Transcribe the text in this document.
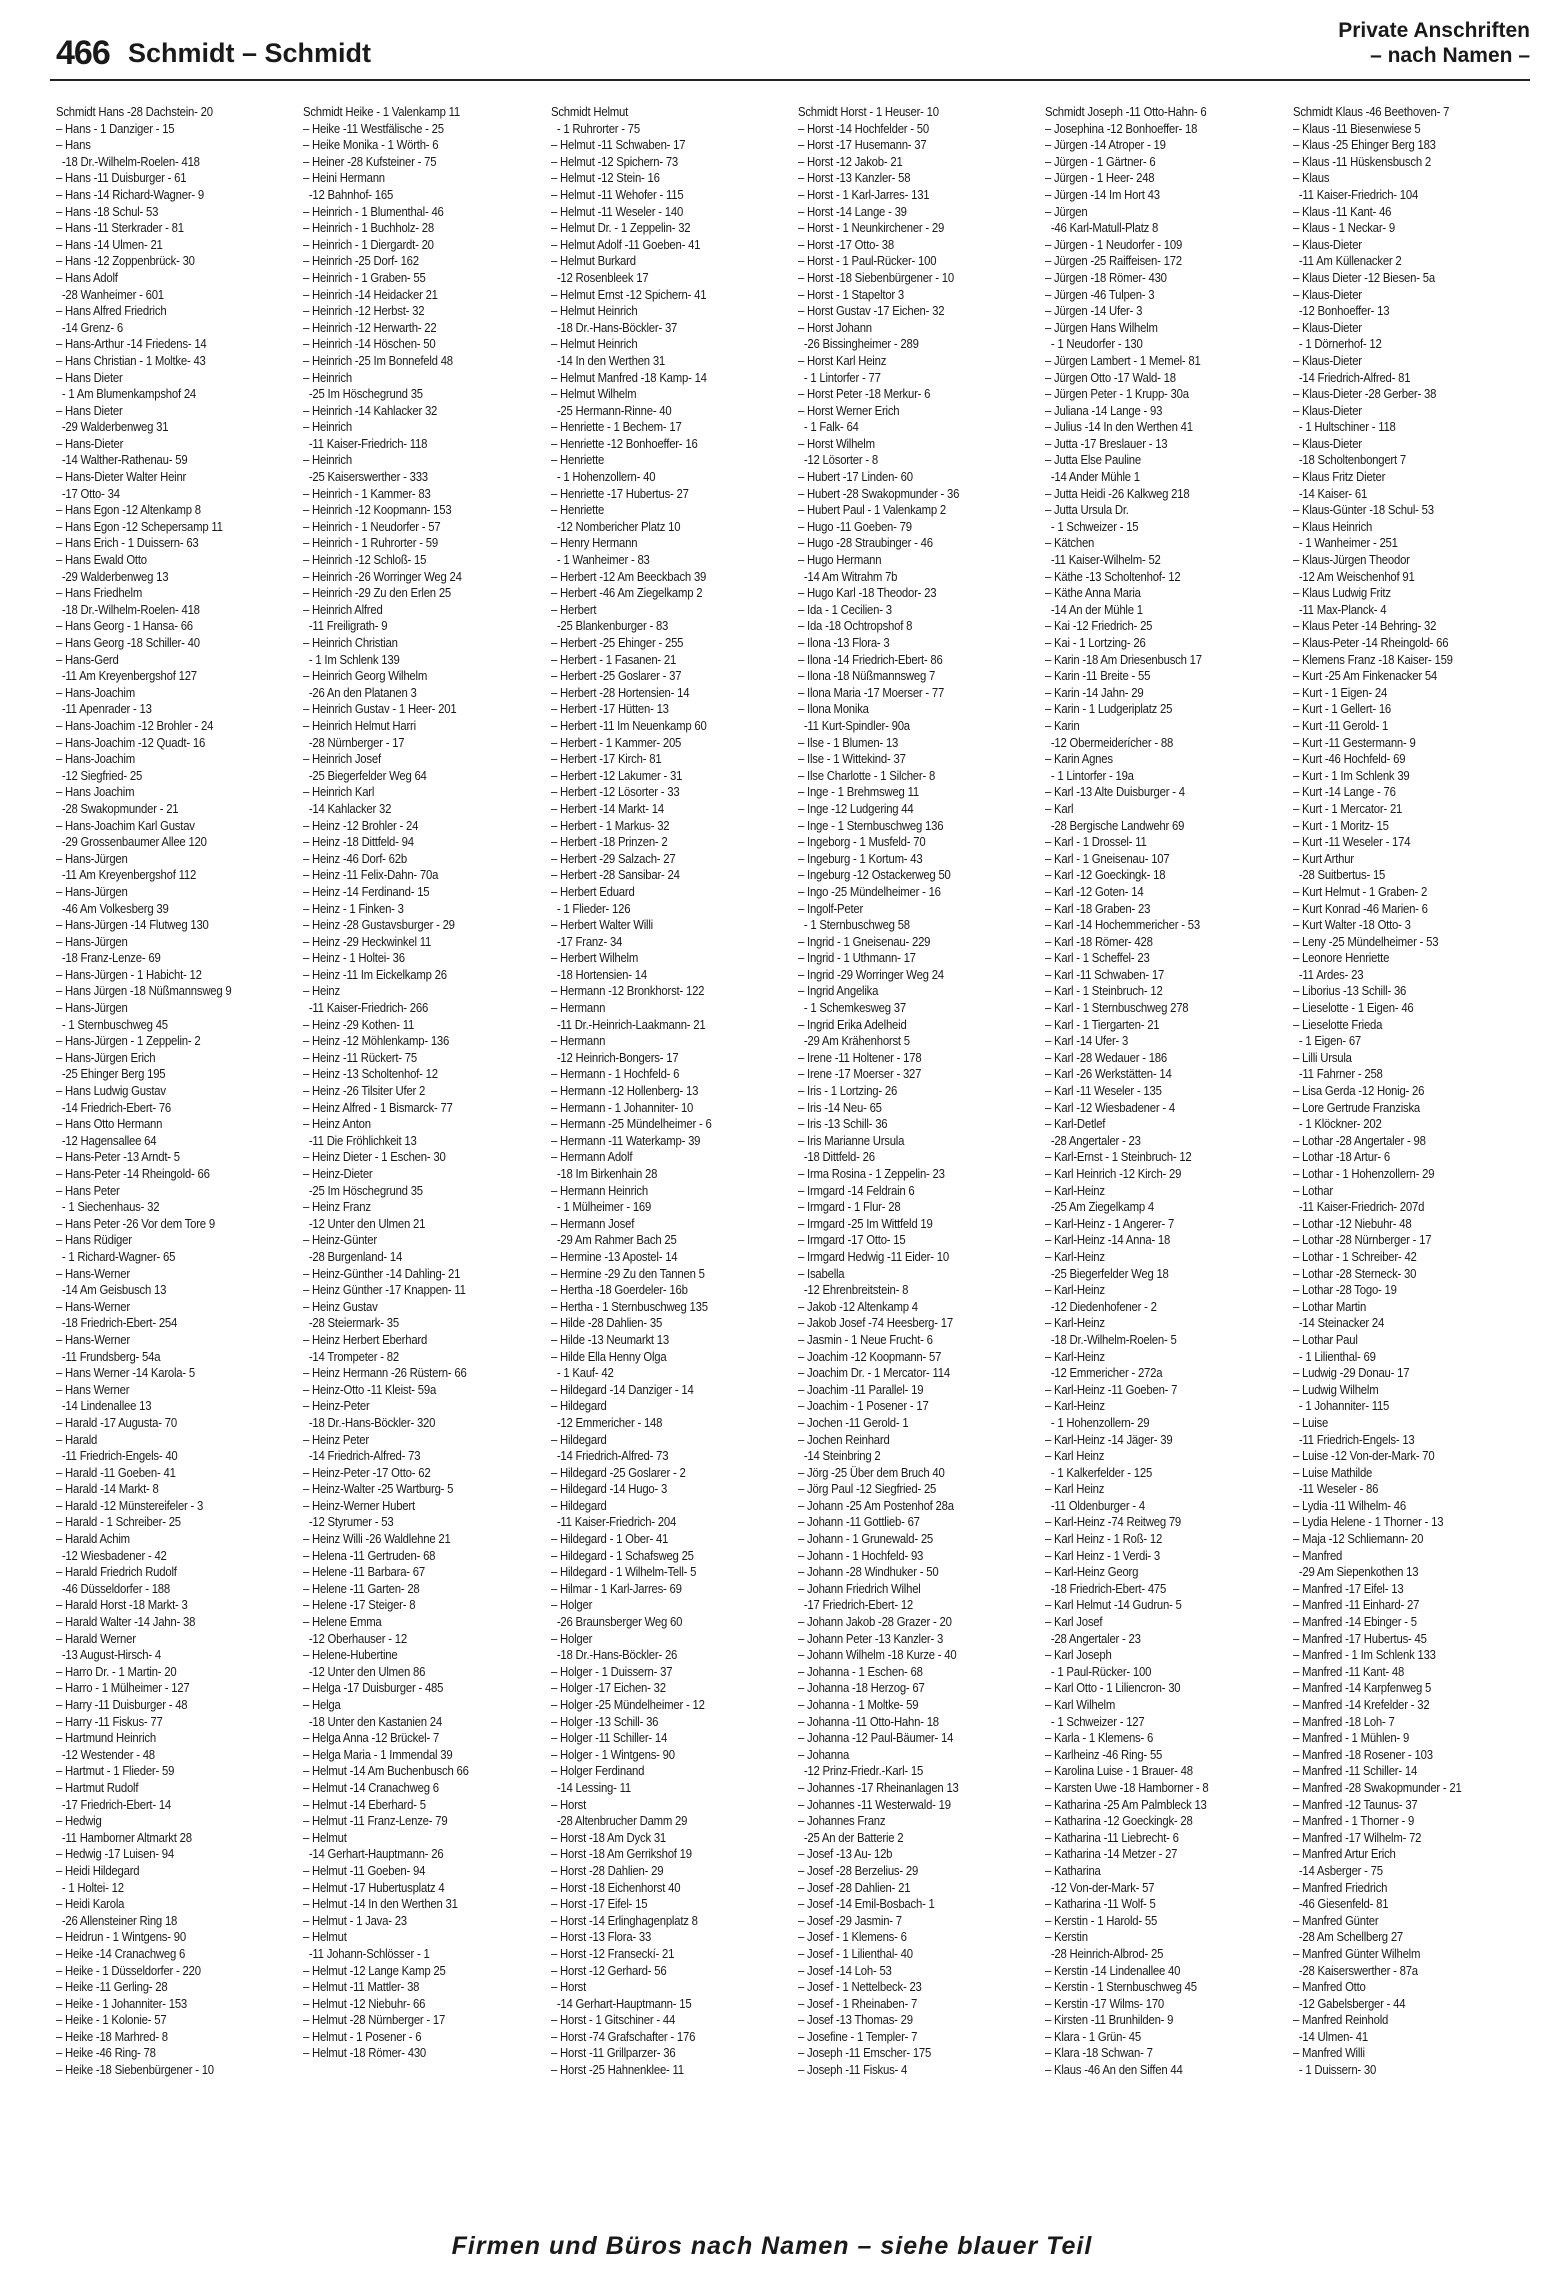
466 Schmidt – Schmidt
Private Anschriften
– nach Namen –
Schmidt Hans -28 Dachstein- 20
– Hans - 1 Danziger - 15
– Hans
-18 Dr.-Wilhelm-Roelen- 418
– Hans -11 Duisburger - 61
– Hans -14 Richard-Wagner- 9
– Hans -18 Schul- 53
– Hans -11 Sterkrader - 81
– Hans -14 Ulmen- 21
– Hans -12 Zoppenbrück- 30
– Hans Adolf
-28 Wanheimer - 601
– Hans Alfred Friedrich
-14 Grenz- 6
– Hans-Arthur -14 Friedens- 14
– Hans Christian - 1 Moltke- 43
– Hans Dieter
- 1 Am Blumenkampshof 24
– Hans Dieter
-29 Walderbenweg 31
– Hans-Dieter
-14 Walther-Rathenau- 59
– Hans-Dieter Walter Heinr
-17 Otto- 34
– Hans Egon -12 Altenkamp 8
– Hans Egon -12 Schepersamp 11
– Hans Erich - 1 Duissern- 63
– Hans Ewald Otto
-29 Walderbenweg 13
– Hans Friedhelm
-18 Dr.-Wilhelm-Roelen- 418
– Hans Georg - 1 Hansa- 66
– Hans Georg -18 Schiller- 40
– Hans-Gerd
-11 Am Kreyenbergshof 127
– Hans-Joachim
-11 Apenrader - 13
– Hans-Joachim -12 Brohler - 24
– Hans-Joachim -12 Quadt- 16
– Hans-Joachim
-12 Siegfried- 25
– Hans Joachim
-28 Swakopmunder - 21
– Hans-Joachim Karl Gustav
-29 Grossenbaumer Allee 120
– Hans-Jürgen
-11 Am Kreyenbergshof 112
– Hans-Jürgen
-46 Am Volkesberg 39
– Hans-Jürgen -14 Flutweg 130
– Hans-Jürgen
-18 Franz-Lenze- 69
– Hans-Jürgen - 1 Habicht- 12
– Hans Jürgen -18 Nüßmannsweg 9
– Hans-Jürgen
- 1 Sternbuschweg 45
– Hans-Jürgen - 1 Zeppelin- 2
– Hans-Jürgen Erich
-25 Ehinger Berg 195
– Hans Ludwig Gustav
-14 Friedrich-Ebert- 76
– Hans Otto Hermann
-12 Hagensallee 64
– Hans-Peter -13 Arndt- 5
– Hans-Peter -14 Rheingold- 66
– Hans Peter
- 1 Siechenhaus- 32
– Hans Peter -26 Vor dem Tore 9
– Hans Rüdiger
- 1 Richard-Wagner- 65
– Hans-Werner
-14 Am Geisbusch 13
– Hans-Werner
-18 Friedrich-Ebert- 254
– Hans-Werner
-11 Frundsberg- 54a
– Hans Werner -14 Karola- 5
– Hans Werner
-14 Lindenallee 13
– Harald -17 Augusta- 70
– Harald
-11 Friedrich-Engels- 40
– Harald -11 Goeben- 41
– Harald -14 Markt- 8
– Harald -12 Münstereifeler - 3
– Harald - 1 Schreiber- 25
– Harald Achim
-12 Wiesbadener - 42
– Harald Friedrich Rudolf
-46 Düsseldorfer - 188
– Harald Horst -18 Markt- 3
– Harald Walter -14 Jahn- 38
– Harald Werner
-13 August-Hirsch- 4
– Harro Dr. - 1 Martin- 20
– Harro - 1 Mülheimer - 127
– Harry -11 Duisburger - 48
– Harry -11 Fiskus- 77
– Hartmund Heinrich
-12 Westender - 48
– Hartmut - 1 Flieder- 59
– Hartmut Rudolf
-17 Friedrich-Ebert- 14
– Hedwig
-11 Hamborner Altmarkt 28
– Hedwig -17 Luisen- 94
– Heidi Hildegard
- 1 Holtei- 12
– Heidi Karola
-26 Allensteiner Ring 18
– Heidrun - 1 Wintgens- 90
– Heike -14 Cranachweg 6
– Heike - 1 Düsseldorfer - 220
– Heike -11 Gerling- 28
– Heike - 1 Johanniter- 153
– Heike - 1 Kolonie- 57
– Heike -18 Marhred- 8
– Heike -46 Ring- 78
– Heike -18 Siebenbürgener - 10
Schmidt Heike - 1 Valenkamp 11
– Heike -11 Westfälische - 25
– Heike Monika - 1 Wörth- 6
– Heiner -28 Kufsteiner - 75
– Heini Hermann
-12 Bahnhof- 165
– Heinrich - 1 Blumenthal- 46
– Heinrich - 1 Buchholz- 28
– Heinrich - 1 Diergardt- 20
– Heinrich -25 Dorf- 162
– Heinrich - 1 Graben- 55
– Heinrich -14 Heidacker 21
– Heinrich -12 Herbst- 32
– Heinrich -12 Herwarth- 22
– Heinrich -14 Höschen- 50
– Heinrich -25 Im Bonnefeld 48
– Heinrich
-25 Im Höschegrund 35
– Heinrich -14 Kahlacker 32
– Heinrich
-11 Kaiser-Friedrich- 118
– Heinrich
-25 Kaiserswerther - 333
– Heinrich - 1 Kammer- 83
– Heinrich -12 Koopmann- 153
– Heinrich - 1 Neudorfer - 57
– Heinrich - 1 Ruhrorter - 59
– Heinrich -12 Schloß- 15
– Heinrich -26 Worringer Weg 24
– Heinrich -29 Zu den Erlen 25
– Heinrich Alfred
-11 Freiligrath- 9
– Heinrich Christian
- 1 Im Schlenk 139
– Heinrich Georg Wilhelm
-26 An den Platanen 3
– Heinrich Gustav - 1 Heer- 201
– Heinrich Helmut Harri
-28 Nürnberger - 17
– Heinrich Josef
-25 Biegerfelder Weg 64
– Heinrich Karl
-14 Kahlacker 32
– Heinz -12 Brohler - 24
– Heinz -18 Dittfeld- 94
– Heinz -46 Dorf- 62b
– Heinz -11 Felix-Dahn- 70a
– Heinz -14 Ferdinand- 15
– Heinz - 1 Finken- 3
– Heinz -28 Gustavsburger - 29
– Heinz -29 Heckwinkel 11
– Heinz - 1 Holtei- 36
– Heinz -11 Im Eickelkamp 26
– Heinz
-11 Kaiser-Friedrich- 266
– Heinz -29 Kothen- 11
– Heinz -12 Möhlenkamp- 136
– Heinz -11 Rückert- 75
– Heinz -13 Scholtenhof- 12
– Heinz -26 Tilsiter Ufer 2
– Heinz Alfred - 1 Bismarck- 77
– Heinz Anton
-11 Die Fröhlichkeit 13
– Heinz Dieter - 1 Eschen- 30
– Heinz-Dieter
-25 Im Höschegrund 35
– Heinz Franz
-12 Unter den Ulmen 21
– Heinz-Günter
-28 Burgenland- 14
– Heinz-Günther -14 Dahling- 21
– Heinz Günther -17 Knappen- 11
– Heinz Gustav
-28 Steiermark- 35
– Heinz Herbert Eberhard
-14 Trompeter - 82
– Heinz Hermann -26 Rüstern- 66
– Heinz-Otto -11 Kleist- 59a
– Heinz-Peter
-18 Dr.-Hans-Böckler- 320
– Heinz Peter
-14 Friedrich-Alfred- 73
– Heinz-Peter -17 Otto- 62
– Heinz-Walter -25 Wartburg- 5
– Heinz-Werner Hubert
-12 Styrumer - 53
– Heinz Willi -26 Waldlehne 21
– Helena -11 Gertruden- 68
– Helene -11 Barbara- 67
– Helene -11 Garten- 28
– Helene -17 Steiger- 8
– Helene Emma
-12 Oberhauser - 12
– Helene-Hubertine
-12 Unter den Ulmen 86
– Helga -17 Duisburger - 485
– Helga
-18 Unter den Kastanien 24
– Helga Anna -12 Brückel- 7
– Helga Maria - 1 Immendal 39
– Helmut -14 Am Buchenbusch 66
– Helmut -14 Cranachweg 6
– Helmut -14 Eberhard- 5
– Helmut -11 Franz-Lenze- 79
– Helmut
-14 Gerhart-Hauptmann- 26
– Helmut -11 Goeben- 94
– Helmut -17 Hubertusplatz 4
– Helmut -14 In den Werthen 31
– Helmut - 1 Java- 23
– Helmut
-11 Johann-Schlösser - 1
– Helmut -12 Lange Kamp 25
– Helmut -11 Mattler- 38
– Helmut -12 Niebuhr- 66
– Helmut -28 Nürnberger - 17
– Helmut - 1 Posener - 6
– Helmut -18 Römer- 430
Schmidt Helmut
- 1 Ruhrorter - 75
– Helmut -11 Schwaben- 17
– Helmut -12 Spichern- 73
– Helmut -12 Stein- 16
– Helmut -11 Wehofer - 115
– Helmut -11 Weseler - 140
– Helmut Dr. - 1 Zeppelin- 32
– Helmut Adolf -11 Goeben- 41
– Helmut Burkard
-12 Rosenbleek 17
– Helmut Ernst -12 Spichern- 41
– Helmut Heinrich
-18 Dr.-Hans-Böckler- 37
– Helmut Heinrich
-14 In den Werthen 31
– Helmut Manfred -18 Kamp- 14
– Helmut Wilhelm
-25 Hermann-Rinne- 40
– Henriette - 1 Bechem- 17
– Henriette -12 Bonhoeffer- 16
– Henriette
- 1 Hohenzollern- 40
– Henriette -17 Hubertus- 27
– Henriette
-12 Nombericher Platz 10
– Henry Hermann
- 1 Wanheimer - 83
– Herbert -12 Am Beeckbach 39
– Herbert -46 Am Ziegelkamp 2
– Herbert
-25 Blankenburger - 83
– Herbert -25 Ehinger - 255
– Herbert - 1 Fasanen- 21
– Herbert -25 Goslarer - 37
– Herbert -28 Hortensien- 14
– Herbert -17 Hütten- 13
– Herbert -11 Im Neuenkamp 60
– Herbert - 1 Kammer- 205
– Herbert -17 Kirch- 81
– Herbert -12 Lakumer - 31
– Herbert -12 Lösorter - 33
– Herbert -14 Markt- 14
– Herbert - 1 Markus- 32
– Herbert -18 Prinzen- 2
– Herbert -29 Salzach- 27
– Herbert -28 Sansibar- 24
– Herbert Eduard
- 1 Flieder- 126
– Herbert Walter Willi
-17 Franz- 34
– Herbert Wilhelm
-18 Hortensien- 14
– Hermann -12 Bronkhorst- 122
– Hermann
-11 Dr.-Heinrich-Laakmann- 21
– Hermann
-12 Heinrich-Bongers- 17
– Hermann - 1 Hochfeld- 6
– Hermann -12 Hollenberg- 13
– Hermann - 1 Johanniter- 10
– Hermann -25 Mündelheimer - 6
– Hermann -11 Waterkamp- 39
– Hermann Adolf
-18 Im Birkenhain 28
– Hermann Heinrich
- 1 Mülheimer - 169
– Hermann Josef
-29 Am Rahmer Bach 25
– Hermine -13 Apostel- 14
– Hermine -29 Zu den Tannen 5
– Hertha -18 Goerdeler- 16b
– Hertha - 1 Sternbuschweg 135
– Hilde -28 Dahlien- 35
– Hilde -13 Neumarkt 13
– Hilde Ella Henny Olga
- 1 Kauf- 42
– Hildegard -14 Danziger - 14
– Hildegard
-12 Emmericher - 148
– Hildegard
-14 Friedrich-Alfred- 73
– Hildegard -25 Goslarer - 2
– Hildegard -14 Hugo- 3
– Hildegard
-11 Kaiser-Friedrich- 204
– Hildegard - 1 Ober- 41
– Hildegard - 1 Schafsweg 25
– Hildegard - 1 Wilhelm-Tell- 5
– Hilmar - 1 Karl-Jarres- 69
– Holger
-26 Braunsberger Weg 60
– Holger
-18 Dr.-Hans-Böckler- 26
– Holger - 1 Duissern- 37
– Holger -17 Eichen- 32
– Holger -25 Mündelheimer - 12
– Holger -13 Schill- 36
– Holger -11 Schiller- 14
– Holger - 1 Wintgens- 90
– Holger Ferdinand
-14 Lessing- 11
– Horst
-28 Altenbrucher Damm 29
– Horst -18 Am Dyck 31
– Horst -18 Am Gerrikshof 19
– Horst -28 Dahlien- 29
– Horst -18 Eichenhorst 40
– Horst -17 Eifel- 15
– Horst -14 Erlinghagenplatz 8
– Horst -13 Flora- 33
– Horst -12 Franseckí- 21
– Horst -12 Gerhard- 56
– Horst
-14 Gerhart-Hauptmann- 15
– Horst - 1 Gitschiner - 44
– Horst -74 Grafschafter - 176
– Horst -11 Grillparzer- 36
– Horst -25 Hahnenklee- 11
Schmidt Horst - 1 Heuser- 10
– Horst -14 Hochfelder - 50
– Horst -17 Husemann- 37
– Horst -12 Jakob- 21
– Horst -13 Kanzler- 58
– Horst - 1 Karl-Jarres- 131
– Horst -14 Lange - 39
– Horst - 1 Neunkirchener - 29
– Horst -17 Otto- 38
– Horst - 1 Paul-Rücker- 100
– Horst -18 Siebenbürgener - 10
– Horst - 1 Stapeltor 3
– Horst Gustav -17 Eichen- 32
– Horst Johann
-26 Bissingheimer - 289
– Horst Karl Heinz
- 1 Lintorfer - 77
– Horst Peter -18 Merkur- 6
– Horst Werner Erich
- 1 Falk- 64
– Horst Wilhelm
-12 Lösorter - 8
– Hubert -17 Linden- 60
– Hubert -28 Swakopmunder - 36
– Hubert Paul - 1 Valenkamp 2
– Hugo -11 Goeben- 79
– Hugo -28 Straubinger - 46
– Hugo Hermann
-14 Am Witrahm 7b
– Hugo Karl -18 Theodor- 23
– Ida - 1 Cecilien- 3
– Ida -18 Ochtropshof 8
– Ilona -13 Flora- 3
– Ilona -14 Friedrich-Ebert- 86
– Ilona -18 Nüßmannsweg 7
– Ilona Maria -17 Moerser - 77
– Ilona Monika
-11 Kurt-Spindler- 90a
– Ilse - 1 Blumen- 13
– Ilse - 1 Wittekind- 37
– Ilse Charlotte - 1 Silcher- 8
– Inge - 1 Brehmsweg 11
– Inge -12 Ludgering 44
– Inge - 1 Sternbuschweg 136
– Ingeborg - 1 Musfeld- 70
– Ingeburg - 1 Kortum- 43
– Ingeburg -12 Ostackerweg 50
– Ingo -25 Mündelheimer - 16
– Ingolf-Peter
- 1 Sternbuschweg 58
– Ingrid - 1 Gneisenau- 229
– Ingrid - 1 Uthmann- 17
– Ingrid -29 Worringer Weg 24
– Ingrid Angelika
- 1 Schemkesweg 37
– Ingrid Erika Adelheid
-29 Am Krähenhorst 5
– Irene -11 Holtener - 178
– Irene -17 Moerser - 327
– Iris - 1 Lortzing- 26
– Iris -14 Neu- 65
– Iris -13 Schill- 36
– Iris Marianne Ursula
-18 Dittfeld- 26
– Irma Rosina - 1 Zeppelin- 23
– Irmgard -14 Feldrain 6
– Irmgard - 1 Flur- 28
– Irmgard -25 Im Wittfeld 19
– Irmgard -17 Otto- 15
– Irmgard Hedwig -11 Eider- 10
– Isabella
-12 Ehrenbreitstein- 8
– Jakob -12 Altenkamp 4
– Jakob Josef -74 Heesberg- 17
– Jasmin - 1 Neue Frucht- 6
– Joachim -12 Koopmann- 57
– Joachim Dr. - 1 Mercator- 114
– Joachim -11 Parallel- 19
– Joachim - 1 Posener - 17
– Jochen -11 Gerold- 1
– Jochen Reinhard
-14 Steinbring 2
– Jörg -25 Über dem Bruch 40
– Jörg Paul -12 Siegfried- 25
– Johann -25 Am Postenhof 28a
– Johann -11 Gottlieb- 67
– Johann - 1 Grunewald- 25
– Johann - 1 Hochfeld- 93
– Johann -28 Windhuker - 50
– Johann Friedrich Wilhel
-17 Friedrich-Ebert- 12
– Johann Jakob -28 Grazer - 20
– Johann Peter -13 Kanzler- 3
– Johann Wilhelm -18 Kurze - 40
– Johanna - 1 Eschen- 68
– Johanna -18 Herzog- 67
– Johanna - 1 Moltke- 59
– Johanna -11 Otto-Hahn- 18
– Johanna -12 Paul-Bäumer- 14
– Johanna
-12 Prinz-Friedr.-Karl- 15
– Johannes -17 Rheinanlagen 13
– Johannes -11 Westerwald- 19
– Johannes Franz
-25 An der Batterie 2
– Josef -13 Au- 12b
– Josef -28 Berzelius- 29
– Josef -28 Dahlien- 21
– Josef -14 Emil-Bosbach- 1
– Josef -29 Jasmin- 7
– Josef - 1 Klemens- 6
– Josef - 1 Lilienthal- 40
– Josef -14 Loh- 53
– Josef - 1 Nettelbeck- 23
– Josef - 1 Rheinaben- 7
– Josef -13 Thomas- 29
– Josefine - 1 Templer- 7
– Joseph -11 Emscher- 175
– Joseph -11 Fiskus- 4
Schmidt Joseph -11 Otto-Hahn- 6
– Josephina -12 Bonhoeffer- 18
– Jürgen -14 Atroper - 19
– Jürgen - 1 Gärtner- 6
– Jürgen - 1 Heer- 248
– Jürgen -14 Im Hort 43
– Jürgen
-46 Karl-Matull-Platz 8
– Jürgen - 1 Neudorfer - 109
– Jürgen -25 Raiffeisen- 172
– Jürgen -18 Römer- 430
– Jürgen -46 Tulpen- 3
– Jürgen -14 Ufer- 3
– Jürgen Hans Wilhelm
- 1 Neudorfer - 130
– Jürgen Lambert - 1 Memel- 81
– Jürgen Otto -17 Wald- 18
– Jürgen Peter - 1 Krupp- 30a
– Juliana -14 Lange - 93
– Julius -14 In den Werthen 41
– Jutta -17 Breslauer - 13
– Jutta Else Pauline
-14 Ander Mühle 1
– Jutta Heidi -26 Kalkweg 218
– Jutta Ursula Dr.
- 1 Schweizer - 15
– Kätchen
-11 Kaiser-Wilhelm- 52
– Käthe -13 Scholtenhof- 12
– Käthe Anna Maria
-14 An der Mühle 1
– Kai -12 Friedrich- 25
– Kai - 1 Lortzing- 26
– Karin -18 Am Driesenbusch 17
– Karin -11 Breite - 55
– Karin -14 Jahn- 29
– Karin - 1 Ludgeriplatz 25
– Karin
-12 Obermeiderícher - 88
– Karin Agnes
- 1 Lintorfer - 19a
– Karl -13 Alte Duisburger - 4
– Karl
-28 Bergische Landwehr 69
– Karl - 1 Drossel- 11
– Karl - 1 Gneisenau- 107
– Karl -12 Goeckingk- 18
– Karl -12 Goten- 14
– Karl -18 Graben- 23
– Karl -14 Hochemmericher - 53
– Karl -18 Römer- 428
– Karl - 1 Scheffel- 23
– Karl -11 Schwaben- 17
– Karl - 1 Steinbruch- 12
– Karl - 1 Sternbuschweg 278
– Karl - 1 Tiergarten- 21
– Karl -14 Ufer- 3
– Karl -28 Wedauer - 186
– Karl -26 Werkstätten- 14
– Karl -11 Weseler - 135
– Karl -12 Wiesbadener - 4
– Karl-Detlef
-28 Angertaler - 23
– Karl-Ernst - 1 Steinbruch- 12
– Karl Heinrich -12 Kirch- 29
– Karl-Heinz
-25 Am Ziegelkamp 4
– Karl-Heinz - 1 Angerer- 7
– Karl-Heinz -14 Anna- 18
– Karl-Heinz
-25 Biegerfelder Weg 18
– Karl-Heinz
-12 Diedenhofener - 2
– Karl-Heinz
-18 Dr.-Wilhelm-Roelen- 5
– Karl-Heinz
-12 Emmericher - 272a
– Karl-Heinz -11 Goeben- 7
– Karl-Heinz
- 1 Hohenzollern- 29
– Karl-Heinz -14 Jäger- 39
– Karl Heinz
- 1 Kalkerfelder - 125
– Karl Heinz
-11 Oldenburger - 4
– Karl-Heinz -74 Reitweg 79
– Karl Heinz - 1 Roß- 12
– Karl Heinz - 1 Verdi- 3
– Karl-Heinz Georg
-18 Friedrich-Ebert- 475
– Karl Helmut -14 Gudrun- 5
– Karl Josef
-28 Angertaler - 23
– Karl Joseph
- 1 Paul-Rücker- 100
– Karl Otto - 1 Liliencron- 30
– Karl Wilhelm
- 1 Schweizer - 127
– Karla - 1 Klemens- 6
– Karlheinz -46 Ring- 55
– Karolina Luise - 1 Brauer- 48
– Karsten Uwe -18 Hamborner - 8
– Katharina -25 Am Palmbleck 13
– Katharina -12 Goeckingk- 28
– Katharina -11 Liebrecht- 6
– Katharina -14 Metzer - 27
– Katharina
-12 Von-der-Mark- 57
– Katharina -11 Wolf- 5
– Kerstin - 1 Harold- 55
– Kerstin
-28 Heinrich-Albrod- 25
– Kerstin -14 Lindenallee 40
– Kerstin - 1 Sternbuschweg 45
– Kerstin -17 Wilms- 170
– Kirsten -11 Brunhilden- 9
– Klara - 1 Grün- 45
– Klara -18 Schwan- 7
– Klaus -46 An den Siffen 44
Schmidt Klaus -46 Beethoven- 7
– Klaus -11 Biesenwiese 5
– Klaus -25 Ehinger Berg 183
– Klaus -11 Hüskensbusch 2
– Klaus
-11 Kaiser-Friedrich- 104
– Klaus -11 Kant- 46
– Klaus - 1 Neckar- 9
– Klaus-Dieter
-11 Am Küllenacker 2
– Klaus Dieter -12 Biesen- 5a
– Klaus-Dieter
-12 Bonhoeffer- 13
– Klaus-Dieter
- 1 Dörnerhof- 12
– Klaus-Dieter
-14 Friedrich-Alfred- 81
– Klaus-Dieter -28 Gerber- 38
– Klaus-Dieter
- 1 Hultschiner - 118
– Klaus-Dieter
-18 Scholtenbongert 7
– Klaus Fritz Dieter
-14 Kaiser- 61
– Klaus-Günter -18 Schul- 53
– Klaus Heinrich
- 1 Wanheimer - 251
– Klaus-Jürgen Theodor
-12 Am Weischenhof 91
– Klaus Ludwig Fritz
-11 Max-Planck- 4
– Klaus Peter -14 Behring- 32
– Klaus-Peter -14 Rheingold- 66
– Klemens Franz -18 Kaiser- 159
– Kurt -25 Am Finkenacker 54
– Kurt - 1 Eigen- 24
– Kurt - 1 Gellert- 16
– Kurt -11 Gerold- 1
– Kurt -11 Gestermann- 9
– Kurt -46 Hochfeld- 69
– Kurt - 1 Im Schlenk 39
– Kurt -14 Lange - 76
– Kurt - 1 Mercator- 21
– Kurt - 1 Moritz- 15
– Kurt -11 Weseler - 174
– Kurt Arthur
-28 Suitbertus- 15
– Kurt Helmut - 1 Graben- 2
– Kurt Konrad -46 Marien- 6
– Kurt Walter -18 Otto- 3
– Leny -25 Mündelheimer - 53
– Leonore Henriette
-11 Ardes- 23
– Liborius -13 Schill- 36
– Lieselotte - 1 Eigen- 46
– Lieselotte Frieda
- 1 Eigen- 67
– Lilli Ursula
-11 Fahrner - 258
– Lisa Gerda -12 Honig- 26
– Lore Gertrude Franziska
- 1 Klöckner- 202
– Lothar -28 Angertaler - 98
– Lothar -18 Artur- 6
– Lothar - 1 Hohenzollern- 29
– Lothar
-11 Kaiser-Friedrich- 207d
– Lothar -12 Niebuhr- 48
– Lothar -28 Nürnberger - 17
– Lothar - 1 Schreiber- 42
– Lothar -28 Sterneck- 30
– Lothar -28 Togo- 19
– Lothar Martin
-14 Steinacker 24
– Lothar Paul
- 1 Lilienthal- 69
– Ludwig -29 Donau- 17
– Ludwig Wilhelm
- 1 Johanniter- 115
– Luise
-11 Friedrich-Engels- 13
– Luise -12 Von-der-Mark- 70
– Luise Mathilde
-11 Weseler - 86
– Lydia -11 Wilhelm- 46
– Lydia Helene - 1 Thorner - 13
– Maja -12 Schliemann- 20
– Manfred
-29 Am Siepenkothen 13
– Manfred -17 Eifel- 13
– Manfred -11 Einhard- 27
– Manfred -14 Ebinger - 5
– Manfred -17 Hubertus- 45
– Manfred - 1 Im Schlenk 133
– Manfred -11 Kant- 48
– Manfred -14 Karpfenweg 5
– Manfred -14 Krefelder - 32
– Manfred -18 Loh- 7
– Manfred - 1 Mühlen- 9
– Manfred -18 Rosener - 103
– Manfred -11 Schiller- 14
– Manfred -28 Swakopmunder - 21
– Manfred -12 Taunus- 37
– Manfred - 1 Thorner - 9
– Manfred -17 Wilhelm- 72
– Manfred Artur Erich
-14 Asberger - 75
– Manfred Friedrich
-46 Giesenfeld- 81
– Manfred Günter
-28 Am Schellberg 27
– Manfred Günter Wilhelm
-28 Kaiserswerther - 87a
– Manfred Otto
-12 Gabelsberger - 44
– Manfred Reinhold
-14 Ulmen- 41
– Manfred Willi
- 1 Duissern- 30
Firmen und Büros nach Namen – siehe blauer Teil
